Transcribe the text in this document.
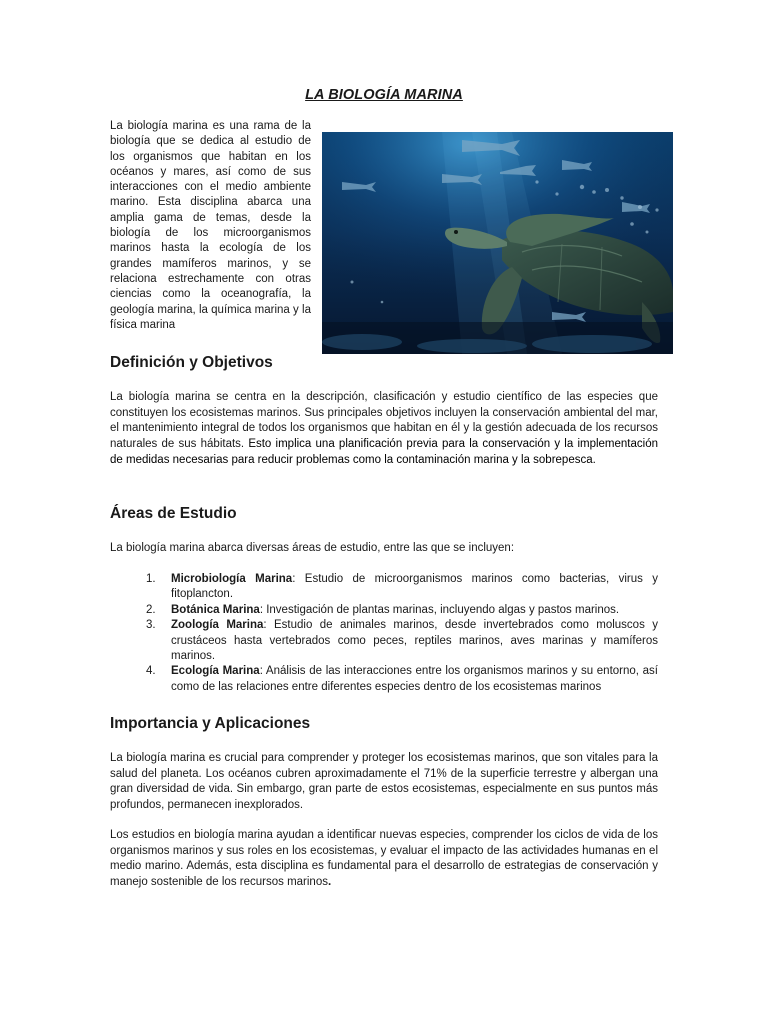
LA BIOLOGÍA MARINA
La biología marina es una rama de la biología que se dedica al estudio de los organismos que habitan en los océanos y mares, así como de sus interacciones con el medio ambiente marino. Esta disciplina abarca una amplia gama de temas, desde la biología de los microorganismos marinos hasta la ecología de los grandes mamíferos marinos, y se relaciona estrechamente con otras ciencias como la oceanografía, la geología marina, la química marina y la física marina
Definición y Objetivos
La biología marina se centra en la descripción, clasificación y estudio científico de las especies que constituyen los ecosistemas marinos. Sus principales objetivos incluyen la conservación ambiental del mar, el mantenimiento integral de todos los organismos que habitan en él y la gestión adecuada de los recursos naturales de sus hábitats. Esto implica una planificación previa para la conservación y la implementación de medidas necesarias para reducir problemas como la contaminación marina y la sobrepesca.
Áreas de Estudio
La biología marina abarca diversas áreas de estudio, entre las que se incluyen:
1. Microbiología Marina: Estudio de microorganismos marinos como bacterias, virus y fitoplancton.
2. Botánica Marina: Investigación de plantas marinas, incluyendo algas y pastos marinos.
3. Zoología Marina: Estudio de animales marinos, desde invertebrados como moluscos y crustáceos hasta vertebrados como peces, reptiles marinos, aves marinas y mamíferos marinos.
4. Ecología Marina: Análisis de las interacciones entre los organismos marinos y su entorno, así como de las relaciones entre diferentes especies dentro de los ecosistemas marinos
Importancia y Aplicaciones
La biología marina es crucial para comprender y proteger los ecosistemas marinos, que son vitales para la salud del planeta. Los océanos cubren aproximadamente el 71% de la superficie terrestre y albergan una gran diversidad de vida. Sin embargo, gran parte de estos ecosistemas, especialmente en sus puntos más profundos, permanecen inexplorados.
Los estudios en biología marina ayudan a identificar nuevas especies, comprender los ciclos de vida de los organismos marinos y sus roles en los ecosistemas, y evaluar el impacto de las actividades humanas en el medio marino. Además, esta disciplina es fundamental para el desarrollo de estrategias de conservación y manejo sostenible de los recursos marinos.
